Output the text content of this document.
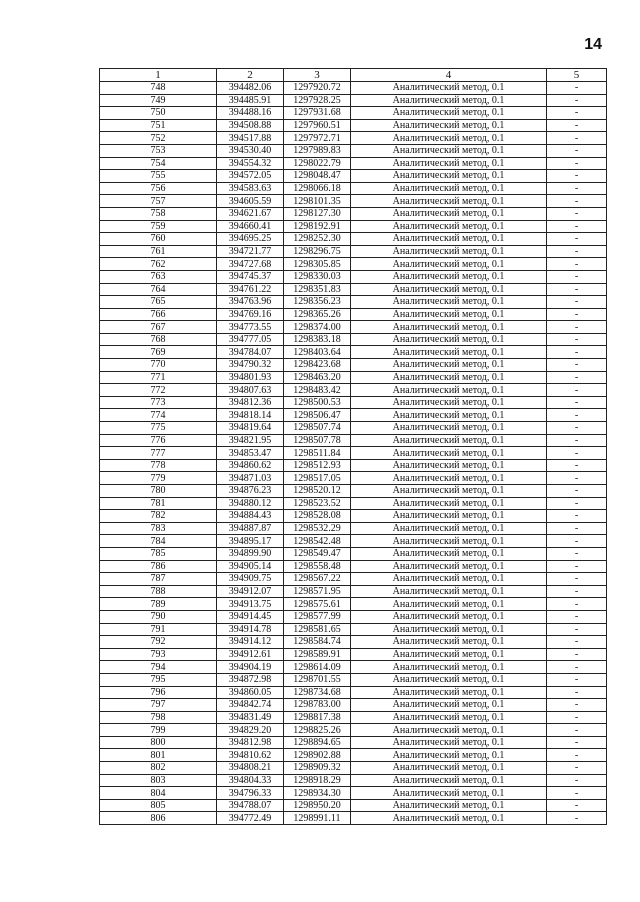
14
1	2	3	4	5
748	394482.06	1297920.72	Аналитический метод, 0.1	-
749	394485.91	1297928.25	Аналитический метод, 0.1	-
750	394488.16	1297931.68	Аналитический метод, 0.1	-
751	394508.88	1297960.51	Аналитический метод, 0.1	-
752	394517.88	1297972.71	Аналитический метод, 0.1	-
753	394530.40	1297989.83	Аналитический метод, 0.1	-
754	394554.32	1298022.79	Аналитический метод, 0.1	-
755	394572.05	1298048.47	Аналитический метод, 0.1	-
756	394583.63	1298066.18	Аналитический метод, 0.1	-
757	394605.59	1298101.35	Аналитический метод, 0.1	-
758	394621.67	1298127.30	Аналитический метод, 0.1	-
759	394660.41	1298192.91	Аналитический метод, 0.1	-
760	394695.25	1298252.30	Аналитический метод, 0.1	-
761	394721.77	1298296.75	Аналитический метод, 0.1	-
762	394727.68	1298305.85	Аналитический метод, 0.1	-
763	394745.37	1298330.03	Аналитический метод, 0.1	-
764	394761.22	1298351.83	Аналитический метод, 0.1	-
765	394763.96	1298356.23	Аналитический метод, 0.1	-
766	394769.16	1298365.26	Аналитический метод, 0.1	-
767	394773.55	1298374.00	Аналитический метод, 0.1	-
768	394777.05	1298383.18	Аналитический метод, 0.1	-
769	394784.07	1298403.64	Аналитический метод, 0.1	-
770	394790.32	1298423.68	Аналитический метод, 0.1	-
771	394801.93	1298463.20	Аналитический метод, 0.1	-
772	394807.63	1298483.42	Аналитический метод, 0.1	-
773	394812.36	1298500.53	Аналитический метод, 0.1	-
774	394818.14	1298506.47	Аналитический метод, 0.1	-
775	394819.64	1298507.74	Аналитический метод, 0.1	-
776	394821.95	1298507.78	Аналитический метод, 0.1	-
777	394853.47	1298511.84	Аналитический метод, 0.1	-
778	394860.62	1298512.93	Аналитический метод, 0.1	-
779	394871.03	1298517.05	Аналитический метод, 0.1	-
780	394876.23	1298520.12	Аналитический метод, 0.1	-
781	394880.12	1298523.52	Аналитический метод, 0.1	-
782	394884.43	1298528.08	Аналитический метод, 0.1	-
783	394887.87	1298532.29	Аналитический метод, 0.1	-
784	394895.17	1298542.48	Аналитический метод, 0.1	-
785	394899.90	1298549.47	Аналитический метод, 0.1	-
786	394905.14	1298558.48	Аналитический метод, 0.1	-
787	394909.75	1298567.22	Аналитический метод, 0.1	-
788	394912.07	1298571.95	Аналитический метод, 0.1	-
789	394913.75	1298575.61	Аналитический метод, 0.1	-
790	394914.45	1298577.99	Аналитический метод, 0.1	-
791	394914.78	1298581.65	Аналитический метод, 0.1	-
792	394914.12	1298584.74	Аналитический метод, 0.1	-
793	394912.61	1298589.91	Аналитический метод, 0.1	-
794	394904.19	1298614.09	Аналитический метод, 0.1	-
795	394872.98	1298701.55	Аналитический метод, 0.1	-
796	394860.05	1298734.68	Аналитический метод, 0.1	-
797	394842.74	1298783.00	Аналитический метод, 0.1	-
798	394831.49	1298817.38	Аналитический метод, 0.1	-
799	394829.20	1298825.26	Аналитический метод, 0.1	-
800	394812.98	1298894.65	Аналитический метод, 0.1	-
801	394810.62	1298902.88	Аналитический метод, 0.1	-
802	394808.21	1298909.32	Аналитический метод, 0.1	-
803	394804.33	1298918.29	Аналитический метод, 0.1	-
804	394796.33	1298934.30	Аналитический метод, 0.1	-
805	394788.07	1298950.20	Аналитический метод, 0.1	-
806	394772.49	1298991.11	Аналитический метод, 0.1	-
